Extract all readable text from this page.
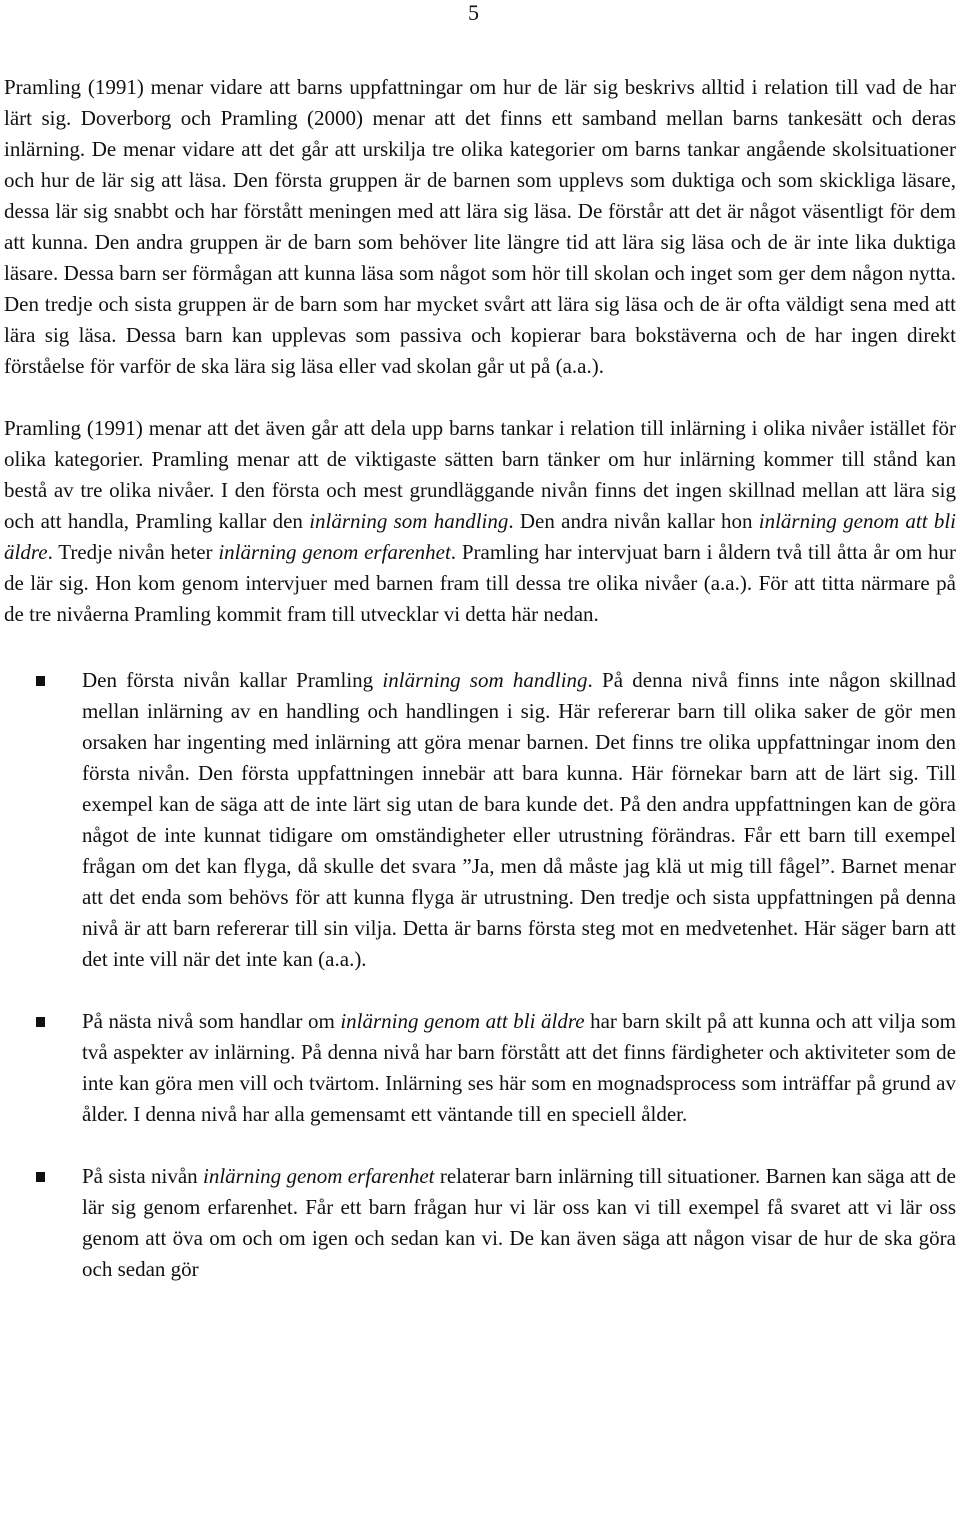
5

Pramling (1991) menar vidare att barns uppfattningar om hur de lär sig beskrivs alltid i relation till vad de har lärt sig. Doverborg och Pramling (2000) menar att det finns ett samband mellan barns tankesätt och deras inlärning. De menar vidare att det går att urskilja tre olika kategorier om barns tankar angående skolsituationer och hur de lär sig att läsa. Den första gruppen är de barnen som upplevs som duktiga och som skickliga läsare, dessa lär sig snabbt och har förstått meningen med att lära sig läsa. De förstår att det är något väsentligt för dem att kunna. Den andra gruppen är de barn som behöver lite längre tid att lära sig läsa och de är inte lika duktiga läsare. Dessa barn ser förmågan att kunna läsa som något som hör till skolan och inget som ger dem någon nytta. Den tredje och sista gruppen är de barn som har mycket svårt att lära sig läsa och de är ofta väldigt sena med att lära sig läsa. Dessa barn kan upplevas som passiva och kopierar bara bokstäverna och de har ingen direkt förståelse för varför de ska lära sig läsa eller vad skolan går ut på (a.a.).

Pramling (1991) menar att det även går att dela upp barns tankar i relation till inlärning i olika nivåer istället för olika kategorier. Pramling menar att de viktigaste sätten barn tänker om hur inlärning kommer till stånd kan bestå av tre olika nivåer. I den första och mest grundläggande nivån finns det ingen skillnad mellan att lära sig och att handla, Pramling kallar den inlärning som handling. Den andra nivån kallar hon inlärning genom att bli äldre. Tredje nivån heter inlärning genom erfarenhet. Pramling har intervjuat barn i åldern två till åtta år om hur de lär sig. Hon kom genom intervjuer med barnen fram till dessa tre olika nivåer (a.a.). För att titta närmare på de tre nivåerna Pramling kommit fram till utvecklar vi detta här nedan.

Den första nivån kallar Pramling inlärning som handling. På denna nivå finns inte någon skillnad mellan inlärning av en handling och handlingen i sig. Här refererar barn till olika saker de gör men orsaken har ingenting med inlärning att göra menar barnen. Det finns tre olika uppfattningar inom den första nivån. Den första uppfattningen innebär att bara kunna. Här förnekar barn att de lärt sig. Till exempel kan de säga att de inte lärt sig utan de bara kunde det. På den andra uppfattningen kan de göra något de inte kunnat tidigare om omständigheter eller utrustning förändras. Får ett barn till exempel frågan om det kan flyga, då skulle det svara ”Ja, men då måste jag klä ut mig till fågel”. Barnet menar att det enda som behövs för att kunna flyga är utrustning. Den tredje och sista uppfattningen på denna nivå är att barn refererar till sin vilja. Detta är barns första steg mot en medvetenhet. Här säger barn att det inte vill när det inte kan (a.a.).
På nästa nivå som handlar om inlärning genom att bli äldre har barn skilt på att kunna och att vilja som två aspekter av inlärning. På denna nivå har barn förstått att det finns färdigheter och aktiviteter som de inte kan göra men vill och tvärtom. Inlärning ses här som en mognadsprocess som inträffar på grund av ålder. I denna nivå har alla gemensamt ett väntande till en speciell ålder.
På sista nivån inlärning genom erfarenhet relaterar barn inlärning till situationer. Barnen kan säga att de lär sig genom erfarenhet. Får ett barn frågan hur vi lär oss kan vi till exempel få svaret att vi lär oss genom att öva om och om igen och sedan kan vi. De kan även säga att någon visar de hur de ska göra och sedan gör
